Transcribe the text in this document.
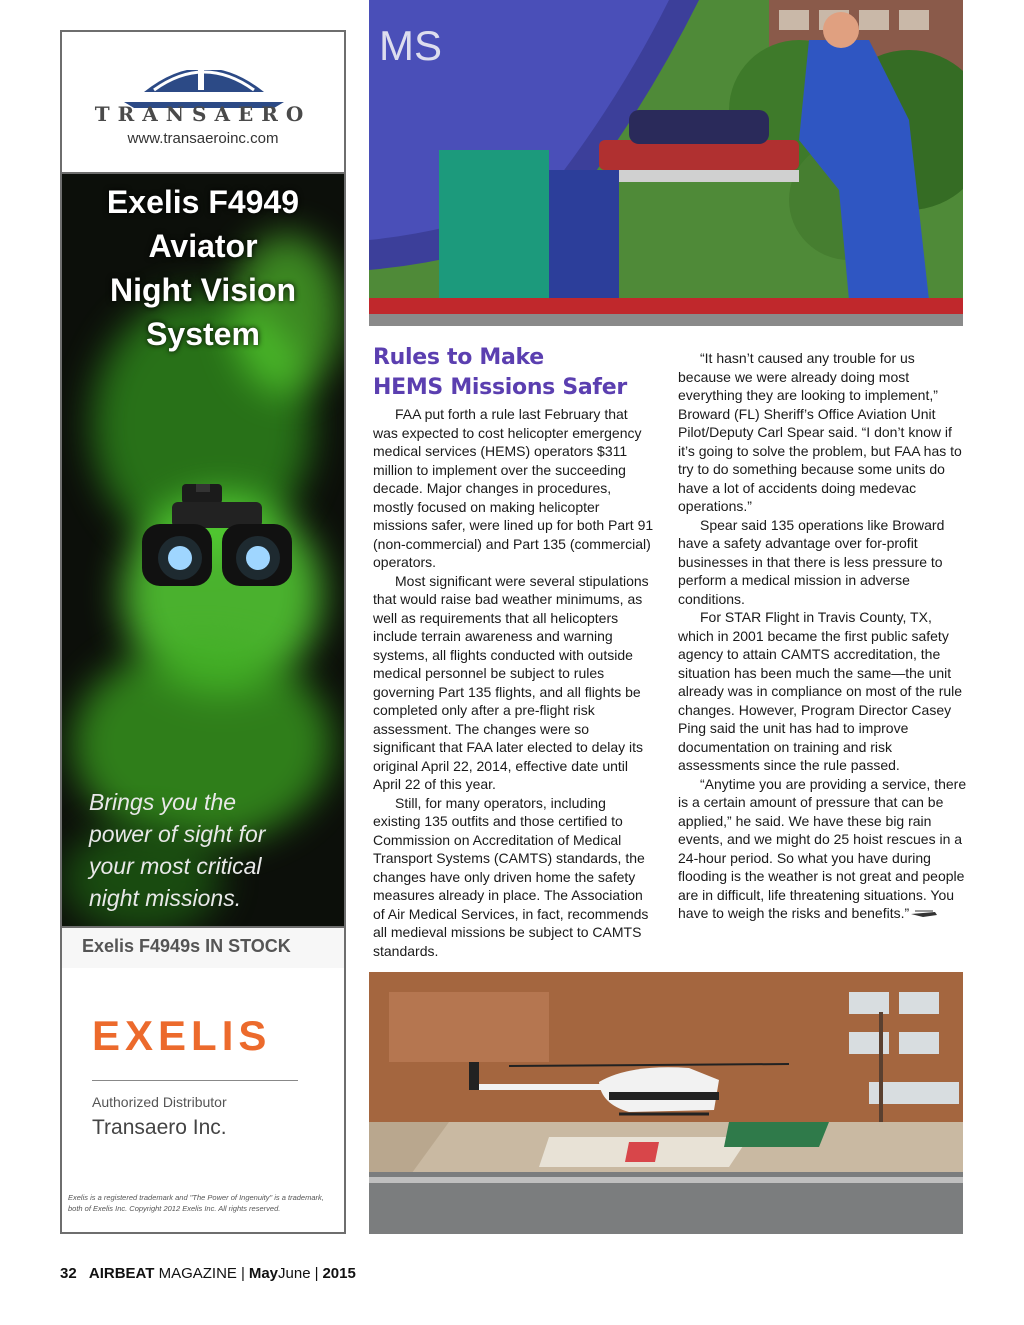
TRANSAERO
www.transaeroinc.com
Exelis F4949
Aviator
Night Vision
System
Brings you the
power of sight for
your most critical
night missions.
Exelis F4949s IN STOCK
EXELIS
Authorized Distributor
Transaero Inc.
Exelis is a registered trademark and "The Power of Ingenuity" is a trademark, both of Exelis Inc. Copyright 2012 Exelis Inc. All rights reserved.
MS
Rules to Make
HEMS Missions Safer

FAA put forth a rule last February that was expected to cost helicopter emergency medical services (HEMS) operators $311 million to implement over the succeeding decade. Major changes in procedures, mostly focused on making helicopter missions safer, were lined up for both Part 91 (non-commercial) and Part 135 (commercial) operators.

Most significant were several stipulations that would raise bad weather minimums, as well as requirements that all helicopters include terrain awareness and warning systems, all flights conducted with outside medical personnel be subject to rules governing Part 135 flights, and all flights be completed only after a pre-flight risk assessment. The changes were so significant that FAA later elected to delay its original April 22, 2014, effective date until April 22 of this year.

Still, for many operators, including existing 135 outfits and those certified to Commission on Accreditation of Medical Transport Systems (CAMTS) standards, the changes have only driven home the safety measures already in place. The Association of Air Medical Services, in fact, recommends all medieval missions be subject to CAMTS standards.

“It hasn’t caused any trouble for us because we were already doing most everything they are looking to implement,” Broward (FL) Sheriff’s Office Aviation Unit Pilot/Deputy Carl Spear said. “I don’t know if it’s going to solve the problem, but FAA has to try to do something because some units do have a lot of accidents doing medevac operations.”

Spear said 135 operations like Broward have a safety advantage over for-profit businesses in that there is less pressure to perform a medical mission in adverse conditions.

For STAR Flight in Travis County, TX, which in 2001 became the first public safety agency to attain CAMTS accreditation, the situation has been much the same—the unit already was in compliance on most of the rule changes. However, Program Director Casey Ping said the unit has had to improve documentation on training and risk assessments since the rule passed.

“Anytime you are providing a service, there is a certain amount of pressure that can be applied,” he said. We have these big rain events, and we might do 25 hoist rescues in a 24-hour period. So what you have during flooding is the weather is not great and people are in difficult, life threatening situations. You have to weigh the risks and benefits.”

32 AIRBEAT MAGAZINE | MayJune | 2015
